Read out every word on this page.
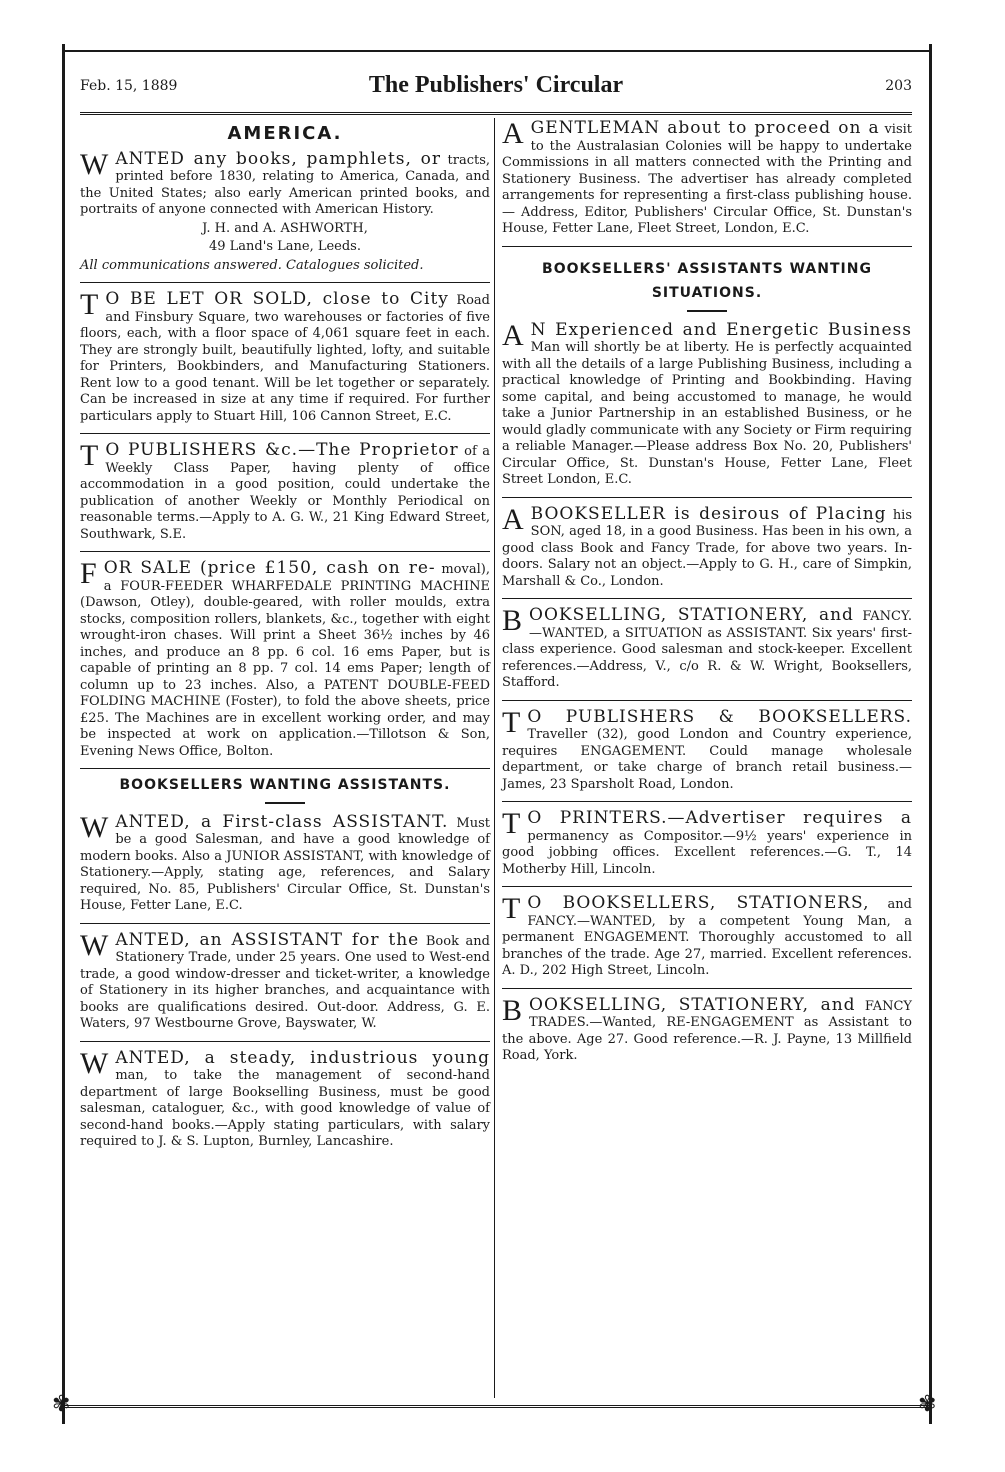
✾	✾
Feb. 15, 1889	The Publishers' Circular	203
AMERICA.

WANTED any books, pamphlets, or tracts, printed before 1830, relating to America, Canada, and the United States; also early American printed books, and portraits of anyone connected with American History.

J. H. and A. ASHWORTH,
49 Land's Lane, Leeds.
All communications answered. Catalogues solicited.

T O BE LET OR SOLD, close to City Road and Finsbury Square, two warehouses or factories of five floors, each, with a floor space of 4,061 square feet in each. They are strongly built, beautifully lighted, lofty, and suitable for Printers, Bookbinders, and Manufacturing Stationers. Rent low to a good tenant. Will be let together or separately. Can be increased in size at any time if required. For further particulars apply to Stuart Hill, 106 Cannon Street, E.C.

T O PUBLISHERS &c.—The Proprietor of a Weekly Class Paper, having plenty of office accommodation in a good position, could undertake the publication of another Weekly or Monthly Periodical on reasonable terms.—Apply to A. G. W., 21 King Edward Street, Southwark, S.E.

FOR SALE (price £150, cash on re- moval), a FOUR-FEEDER WHARFEDALE PRINTING MACHINE (Dawson, Otley), double-geared, with roller moulds, extra stocks, composition rollers, blankets, &c., together with eight wrought-iron chases. Will print a Sheet 36½ inches by 46 inches, and produce an 8 pp. 6 col. 16 ems Paper, but is capable of printing an 8 pp. 7 col. 14 ems Paper; length of column up to 23 inches. Also, a PATENT DOUBLE-FEED FOLDING MACHINE (Foster), to fold the above sheets, price £25. The Machines are in excellent working order, and may be inspected at work on application.—Tillotson & Son, Evening News Office, Bolton.

BOOKSELLERS WANTING ASSISTANTS.

WANTED, a First-class ASSISTANT. Must be a good Salesman, and have a good knowledge of modern books. Also a JUNIOR ASSISTANT, with knowledge of Stationery.—Apply, stating age, references, and Salary required, No. 85, Publishers' Circular Office, St. Dunstan's House, Fetter Lane, E.C.

WANTED, an ASSISTANT for the Book and Stationery Trade, under 25 years. One used to West-end trade, a good window-dresser and ticket-writer, a knowledge of Stationery in its higher branches, and acquaintance with books are qualifications desired. Out-door. Address, G. E. Waters, 97 Westbourne Grove, Bayswater, W.

WANTED, a steady, industrious young man, to take the management of second-hand department of large Bookselling Business, must be good salesman, cataloguer, &c., with good knowledge of value of second-hand books.—Apply stating particulars, with salary required to J. & S. Lupton, Burnley, Lancashire.

AGENTLEMAN about to proceed on a visit to the Australasian Colonies will be happy to undertake Commissions in all matters connected with the Printing and Stationery Business. The advertiser has already completed arrangements for representing a first-class publishing house. — Address, Editor, Publishers' Circular Office, St. Dunstan's House, Fetter Lane, Fleet Street, London, E.C.

BOOKSELLERS' ASSISTANTS WANTING
SITUATIONS.

A N Experienced and Energetic Business Man will shortly be at liberty. He is perfectly acquainted with all the details of a large Publishing Business, including a practical knowledge of Printing and Bookbinding. Having some capital, and being accustomed to manage, he would take a Junior Partnership in an established Business, or he would gladly communicate with any Society or Firm requiring a reliable Manager.—Please address Box No. 20, Publishers' Circular Office, St. Dunstan's House, Fetter Lane, Fleet Street London, E.C.

ABOOKSELLER is desirous of Placing his SON, aged 18, in a good Business. Has been in his own, a good class Book and Fancy Trade, for above two years. In-doors. Salary not an object.—Apply to G. H., care of Simpkin, Marshall & Co., London.

BOOKSELLING, STATIONERY, and FANCY.—WANTED, a SITUATION as ASSISTANT. Six years' first-class experience. Good salesman and stock-keeper. Excellent references.—Address, V., c/o R. & W. Wright, Booksellers, Stafford.

T O PUBLISHERS & BOOKSELLERS. Traveller (32), good London and Country experience, requires ENGAGEMENT. Could manage wholesale department, or take charge of branch retail business.—James, 23 Sparsholt Road, London.

T O PRINTERS.—Advertiser requires a permanency as Compositor.—9½ years' experience in good jobbing offices. Excellent references.—G. T., 14 Motherby Hill, Lincoln.

T O BOOKSELLERS, STATIONERS, and FANCY.—WANTED, by a competent Young Man, a permanent ENGAGEMENT. Thoroughly accustomed to all branches of the trade. Age 27, married. Excellent references. A. D., 202 High Street, Lincoln.

BOOKSELLING, STATIONERY, and FANCY TRADES.—Wanted, RE-ENGAGEMENT as Assistant to the above. Age 27. Good reference.—R. J. Payne, 13 Millfield Road, York.
